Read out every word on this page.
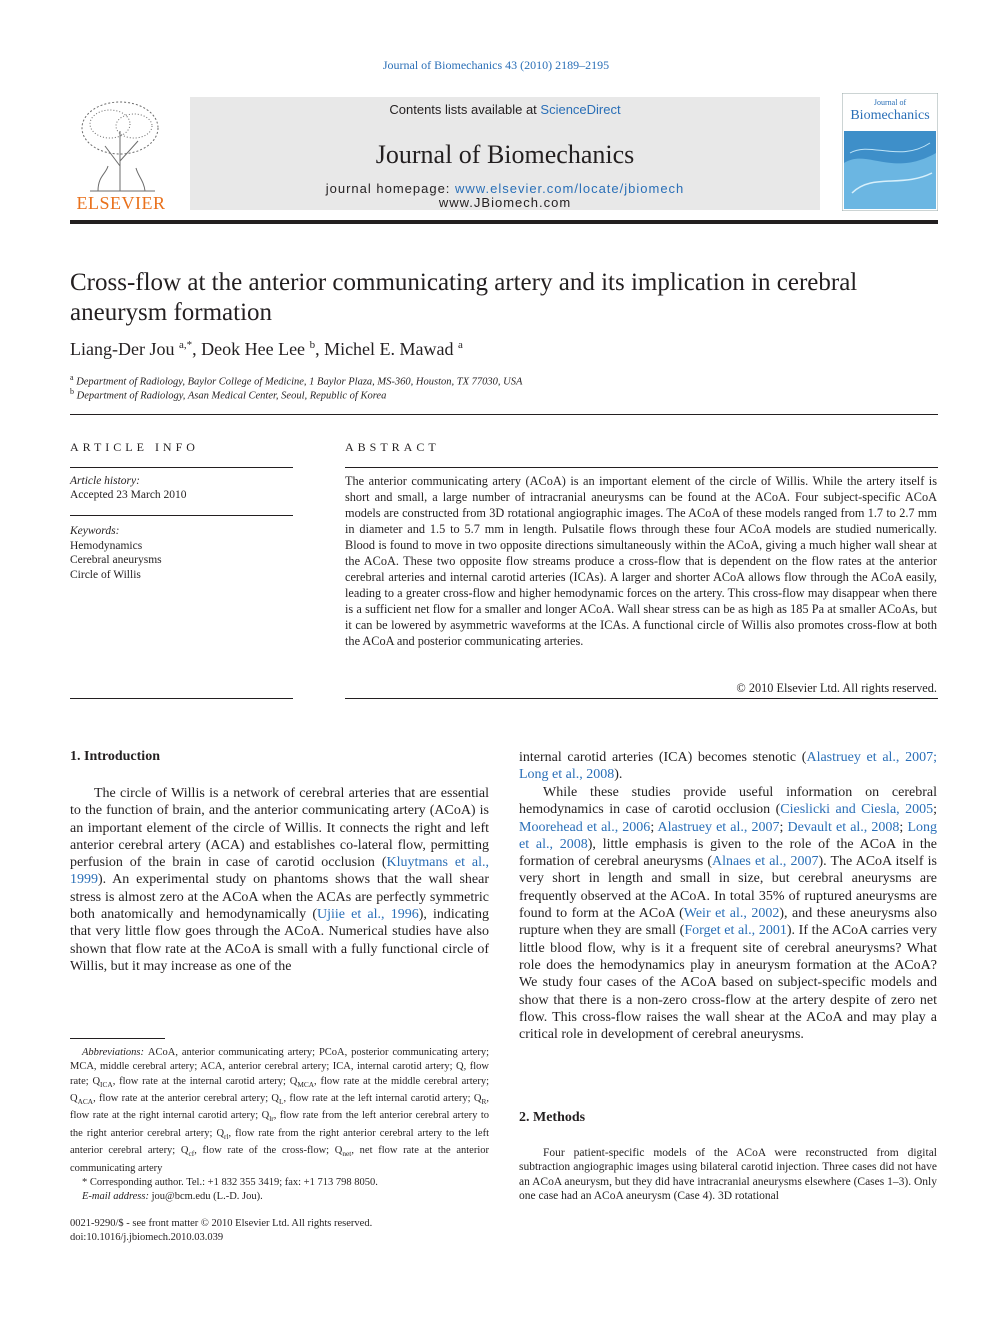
Journal of Biomechanics 43 (2010) 2189–2195
ELSEVIER
Contents lists available at ScienceDirect
Journal of Biomechanics
journal homepage: www.elsevier.com/locate/jbiomech
www.JBiomech.com
Journal of
Biomechanics
Cross-flow at the anterior communicating artery and its implication in cerebral aneurysm formation
Liang-Der Jou $^{a,*}$, Deok Hee Lee $^b$, Michel E. Mawad $^a$
$^a$ Department of Radiology, Baylor College of Medicine, 1 Baylor Plaza, MS-360, Houston, TX 77030, USA
$^b$ Department of Radiology, Asan Medical Center, Seoul, Republic of Korea
ARTICLE INFO
Article history:
Accepted 23 March 2010
Keywords:
Hemodynamics
Cerebral aneurysms
Circle of Willis
ABSTRACT
The anterior communicating artery (ACoA) is an important element of the circle of Willis. While the artery itself is short and small, a large number of intracranial aneurysms can be found at the ACoA. Four subject-specific ACoA models are constructed from 3D rotational angiographic images. The ACoA of these models ranged from 1.7 to 2.7 mm in diameter and 1.5 to 5.7 mm in length. Pulsatile flows through these four ACoA models are studied numerically. Blood is found to move in two opposite directions simultaneously within the ACoA, giving a much higher wall shear at the ACoA. These two opposite flow streams produce a cross-flow that is dependent on the flow rates at the anterior cerebral arteries and internal carotid arteries (ICAs). A larger and shorter ACoA allows flow through the ACoA easily, leading to a greater cross-flow and higher hemodynamic forces on the artery. This cross-flow may disappear when there is a sufficient net flow for a smaller and longer ACoA. Wall shear stress can be as high as 185 Pa at smaller ACoAs, but it can be lowered by asymmetric waveforms at the ICAs. A functional circle of Willis also promotes cross-flow at both the ACoA and posterior communicating arteries.
© 2010 Elsevier Ltd. All rights reserved.
1. Introduction
The circle of Willis is a network of cerebral arteries that are essential to the function of brain, and the anterior communicating artery (ACoA) is an important element of the circle of Willis. It connects the right and left anterior cerebral artery (ACA) and establishes co-lateral flow, permitting perfusion of the brain in case of carotid occlusion (Kluytmans et al., 1999). An experimental study on phantoms shows that the wall shear stress is almost zero at the ACoA when the ACAs are perfectly symmetric both anatomically and hemodynamically (Ujiie et al., 1996), indicating that very little flow goes through the ACoA. Numerical studies have also shown that flow rate at the ACoA is small with a fully functional circle of Willis, but it may increase as one of the
Abbreviations: ACoA, anterior communicating artery; PCoA, posterior communicating artery; MCA, middle cerebral artery; ACA, anterior cerebral artery; ICA, internal carotid artery; Q, flow rate; $Q_{ICA}$, flow rate at the internal carotid artery; $Q_{MCA}$, flow rate at the middle cerebral artery; $Q_{ACA}$, flow rate at the anterior cerebral artery; $Q_L$, flow rate at the left internal carotid artery; $Q_R$, flow rate at the right internal carotid artery; $Q_{lr}$, flow rate from the left anterior cerebral artery to the right anterior cerebral artery; $Q_{rl}$, flow rate from the right anterior cerebral artery to the left anterior cerebral artery; $Q_{cf}$, flow rate of the cross-flow; $Q_{net}$, net flow rate at the anterior communicating artery
* Corresponding author. Tel.: +1 832 355 3419; fax: +1 713 798 8050.
E-mail address: jou@bcm.edu (L.-D. Jou).
0021-9290/$ - see front matter © 2010 Elsevier Ltd. All rights reserved.
doi:10.1016/j.jbiomech.2010.03.039
internal carotid arteries (ICA) becomes stenotic (Alastruey et al., 2007; Long et al., 2008).
While these studies provide useful information on cerebral hemodynamics in case of carotid occlusion (Cieslicki and Ciesla, 2005; Moorehead et al., 2006; Alastruey et al., 2007; Devault et al., 2008; Long et al., 2008), little emphasis is given to the role of the ACoA in the formation of cerebral aneurysms (Alnaes et al., 2007). The ACoA itself is very short in length and small in size, but cerebral aneurysms are frequently observed at the ACoA. In total 35% of ruptured aneurysms are found to form at the ACoA (Weir et al., 2002), and these aneurysms also rupture when they are small (Forget et al., 2001). If the ACoA carries very little blood flow, why is it a frequent site of cerebral aneurysms? What role does the hemodynamics play in aneurysm formation at the ACoA? We study four cases of the ACoA based on subject-specific models and show that there is a non-zero cross-flow at the artery despite of zero net flow. This cross-flow raises the wall shear at the ACoA and may play a critical role in development of cerebral aneurysms.
2. Methods
Four patient-specific models of the ACoA were reconstructed from digital subtraction angiographic images using bilateral carotid injection. Three cases did not have an ACoA aneurysm, but they did have intracranial aneurysms elsewhere (Cases 1–3). Only one case had an ACoA aneurysm (Case 4). 3D rotational
